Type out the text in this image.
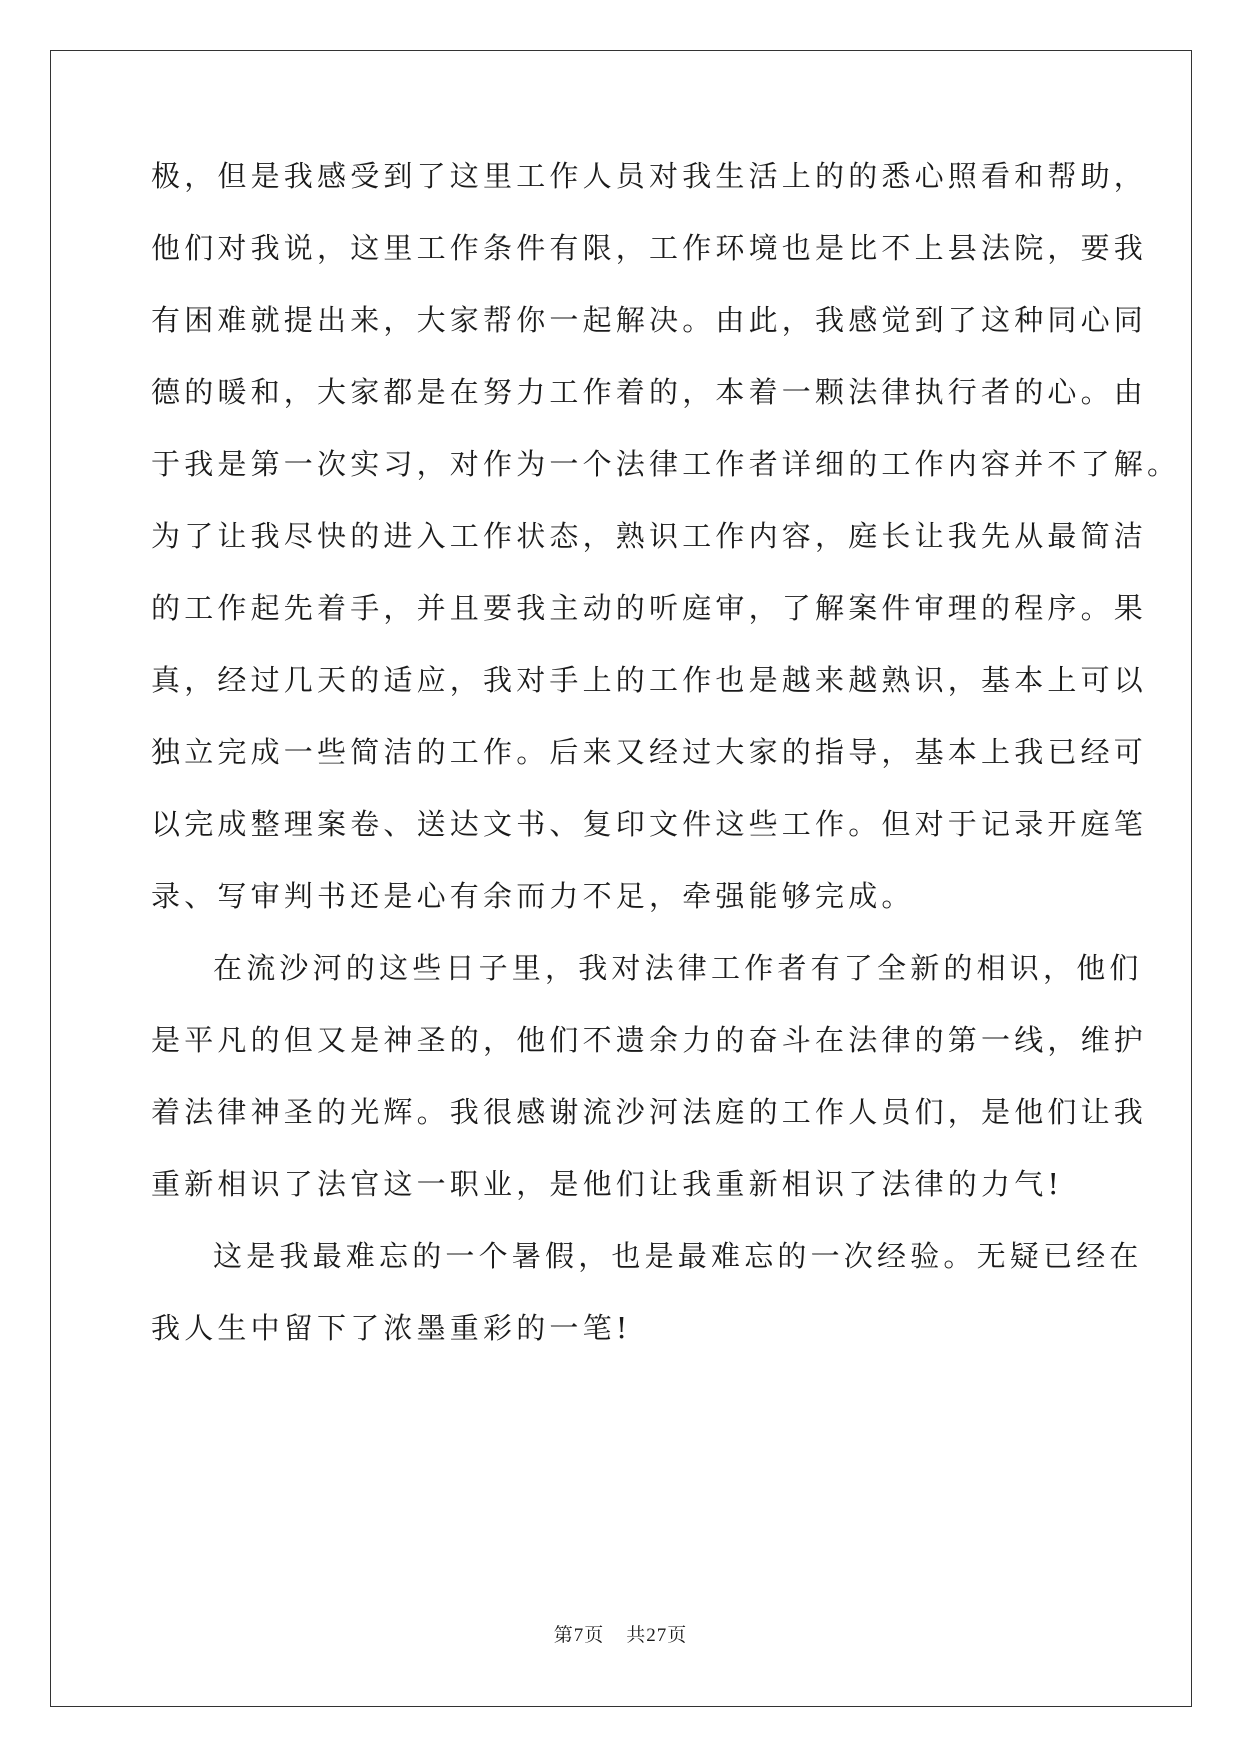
极，但是我感受到了这里工作人员对我生活上的的悉心照看和帮助，
他们对我说，这里工作条件有限，工作环境也是比不上县法院，要我
有困难就提出来，大家帮你一起解决。由此，我感觉到了这种同心同
德的暖和，大家都是在努力工作着的，本着一颗法律执行者的心。由
于我是第一次实习，对作为一个法律工作者详细的工作内容并不了解。
为了让我尽快的进入工作状态，熟识工作内容，庭长让我先从最简洁
的工作起先着手，并且要我主动的听庭审，了解案件审理的程序。果
真，经过几天的适应，我对手上的工作也是越来越熟识，基本上可以
独立完成一些简洁的工作。后来又经过大家的指导，基本上我已经可
以完成整理案卷、送达文书、复印文件这些工作。但对于记录开庭笔
录、写审判书还是心有余而力不足，牵强能够完成。
在流沙河的这些日子里，我对法律工作者有了全新的相识，他们
是平凡的但又是神圣的，他们不遗余力的奋斗在法律的第一线，维护
着法律神圣的光辉。我很感谢流沙河法庭的工作人员们，是他们让我
重新相识了法官这一职业，是他们让我重新相识了法律的力气!
这是我最难忘的一个暑假，也是最难忘的一次经验。无疑已经在
我人生中留下了浓墨重彩的一笔!
第7页 共27页
